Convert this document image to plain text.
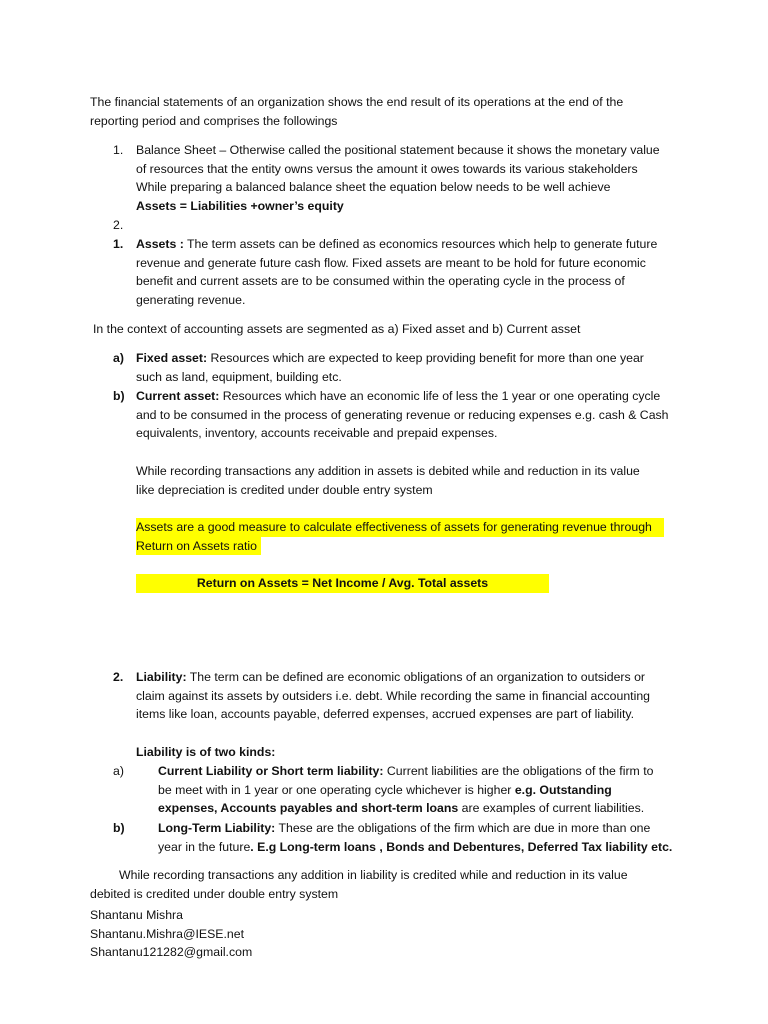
The financial statements of an organization shows the end result of its operations at the end of the
reporting period and comprises the followings
1. Balance Sheet – Otherwise called the positional statement because it shows the monetary value
of resources that the entity owns versus the amount it owes towards its various stakeholders
While preparing a balanced balance sheet the equation below needs to be well achieve
Assets = Liabilities +owner’s equity
2.
1. Assets : The term assets can be defined as economics resources which help to generate future
revenue and generate future cash flow. Fixed assets are meant to be hold for future economic
benefit and current assets are to be consumed within the operating cycle in the process of
generating revenue.
In the context of accounting assets are segmented as a) Fixed asset and b) Current asset
a) Fixed asset: Resources which are expected to keep providing benefit for more than one year
such as land, equipment, building etc.
b) Current asset: Resources which have an economic life of less the 1 year or one operating cycle
and to be consumed in the process of generating revenue or reducing expenses e.g. cash & Cash
equivalents, inventory, accounts receivable and prepaid expenses.
While recording transactions any addition in assets is debited while and reduction in its value
like depreciation is credited under double entry system
Assets are a good measure to calculate effectiveness of assets for generating revenue through
Return on Assets ratio
Return on Assets = Net Income / Avg. Total assets
2. Liability: The term can be defined are economic obligations of an organization to outsiders or
claim against its assets by outsiders i.e. debt. While recording the same in financial accounting
items like loan, accounts payable, deferred expenses, accrued expenses are part of liability.
Liability is of two kinds:
a)	Current Liability or Short term liability: Current liabilities are the obligations of the firm to
be meet with in 1 year or one operating cycle whichever is higher e.g. Outstanding
expenses, Accounts payables and short-term loans are examples of current liabilities.
b)	Long-Term Liability: These are the obligations of the firm which are due in more than one
year in the future. E.g Long-term loans , Bonds and Debentures, Deferred Tax liability etc.
While recording transactions any addition in liability is credited while and reduction in its value
debited is credited under double entry system
Shantanu Mishra
Shantanu.Mishra@IESE.net
Shantanu121282@gmail.com
